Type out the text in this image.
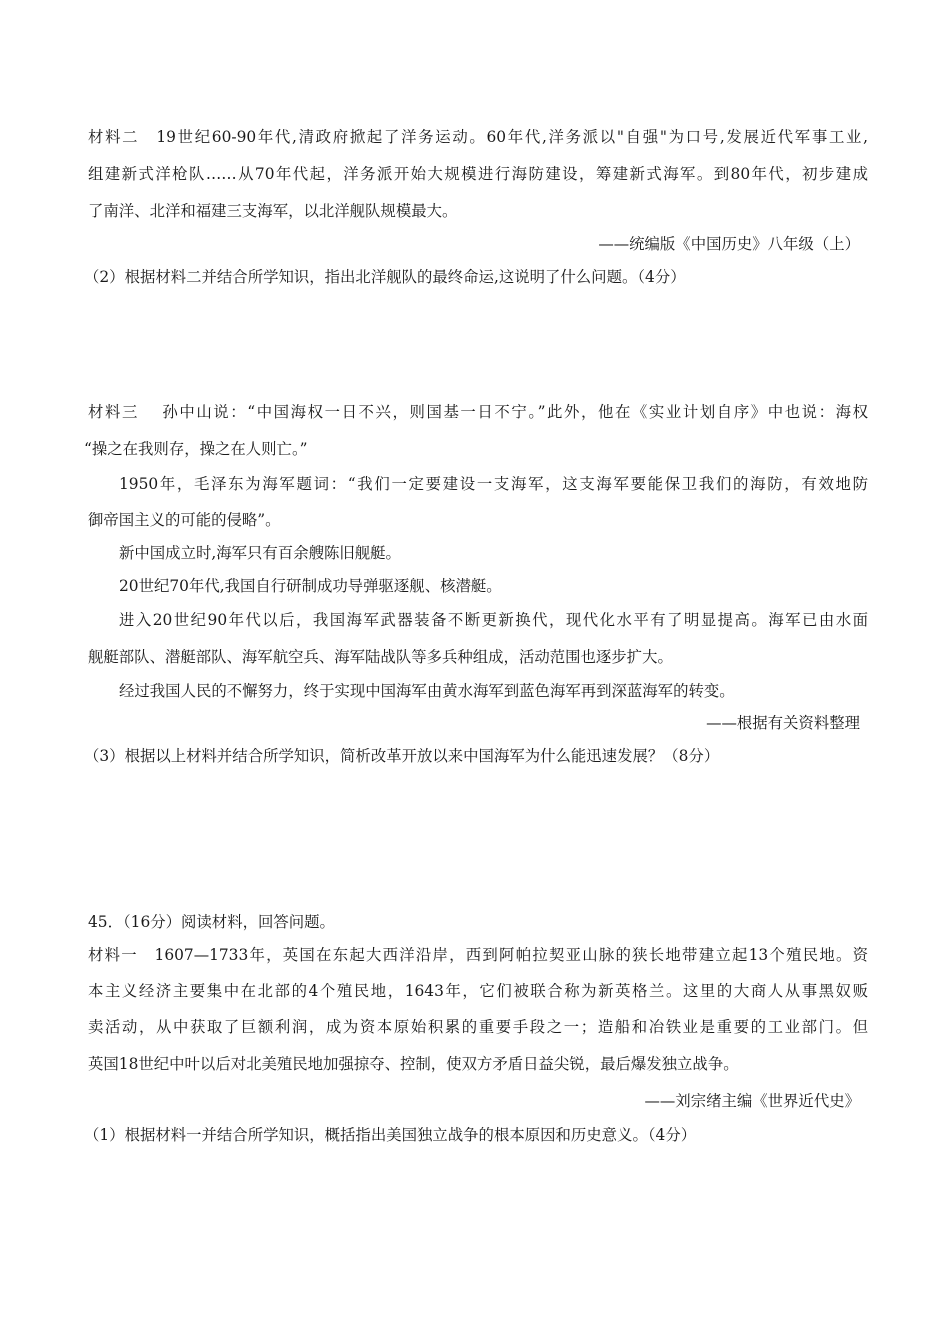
材料二　19世纪60-90年代,清政府掀起了洋务运动。60年代,洋务派以"自强"为口号,发展近代军事工业,
组建新式洋枪队……从70年代起，洋务派开始大规模进行海防建设，筹建新式海军。到80年代，初步建成
了南洋、北洋和福建三支海军，以北洋舰队规模最大。
——统编版《中国历史》八年级（上）
（2）根据材料二并结合所学知识，指出北洋舰队的最终命运,这说明了什么问题。（4分）
材料三　 孙中山说：“中国海权一日不兴，则国基一日不宁。”此外，他在《实业计划自序》中也说：海权
“操之在我则存，操之在人则亡。”
1950年，毛泽东为海军题词：“我们一定要建设一支海军，这支海军要能保卫我们的海防，有效地防
御帝国主义的可能的侵略”。
新中国成立时,海军只有百余艘陈旧舰艇。
20世纪70年代,我国自行研制成功导弹驱逐舰、核潜艇。
进入20世纪90年代以后，我国海军武器装备不断更新换代，现代化水平有了明显提高。海军已由水面
舰艇部队、潜艇部队、海军航空兵、海军陆战队等多兵种组成，活动范围也逐步扩大。
经过我国人民的不懈努力，终于实现中国海军由黄水海军到蓝色海军再到深蓝海军的转变。
——根据有关资料整理
（3）根据以上材料并结合所学知识，简析改革开放以来中国海军为什么能迅速发展？（8分）
45．（16分）阅读材料，回答问题。
材料一　1607—1733年，英国在东起大西洋沿岸，西到阿帕拉契亚山脉的狭长地带建立起13个殖民地。资
本主义经济主要集中在北部的4个殖民地，1643年，它们被联合称为新英格兰。这里的大商人从事黑奴贩
卖活动，从中获取了巨额利润，成为资本原始积累的重要手段之一；造船和冶铁业是重要的工业部门。但
英国18世纪中叶以后对北美殖民地加强掠夺、控制，使双方矛盾日益尖锐，最后爆发独立战争。
——刘宗绪主编《世界近代史》
（1）根据材料一并结合所学知识，概括指出美国独立战争的根本原因和历史意义。（4分）
